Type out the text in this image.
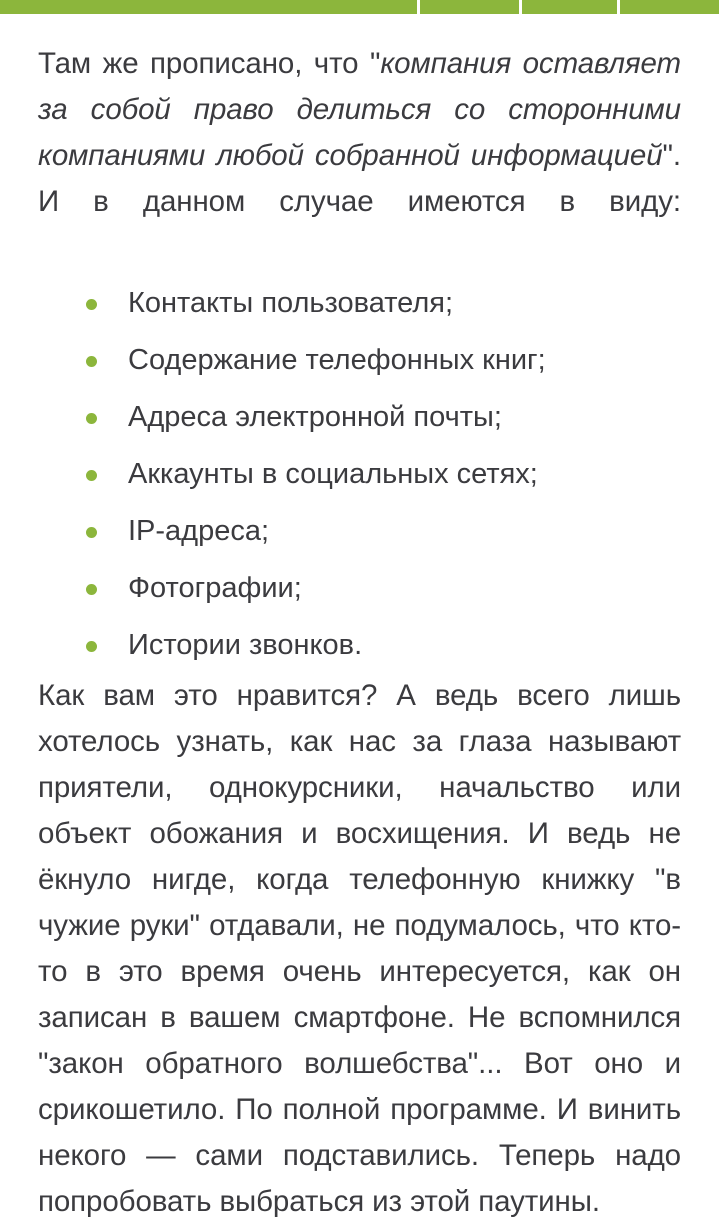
Там же прописано, что "компания оставляет за собой право делиться со сторонними компаниями любой собранной информацией". И в данном случае имеются в виду:

Контакты пользователя;
Содержание телефонных книг;
Адреса электронной почты;
Аккаунты в социальных сетях;
IP-адреса;
Фотографии;
Истории звонков.

Как вам это нравится? А ведь всего лишь хотелось узнать, как нас за глаза называют приятели, однокурсники, начальство или объект обожания и восхищения. И ведь не ёкнуло нигде, когда телефонную книжку "в чужие руки" отдавали, не подумалось, что кто-то в это время очень интересуется, как он записан в вашем смартфоне. Не вспомнился "закон обратного волшебства"... Вот оно и срикошетило. По полной программе. И винить некого — сами подставились. Теперь надо попробовать выбраться из этой паутины.
